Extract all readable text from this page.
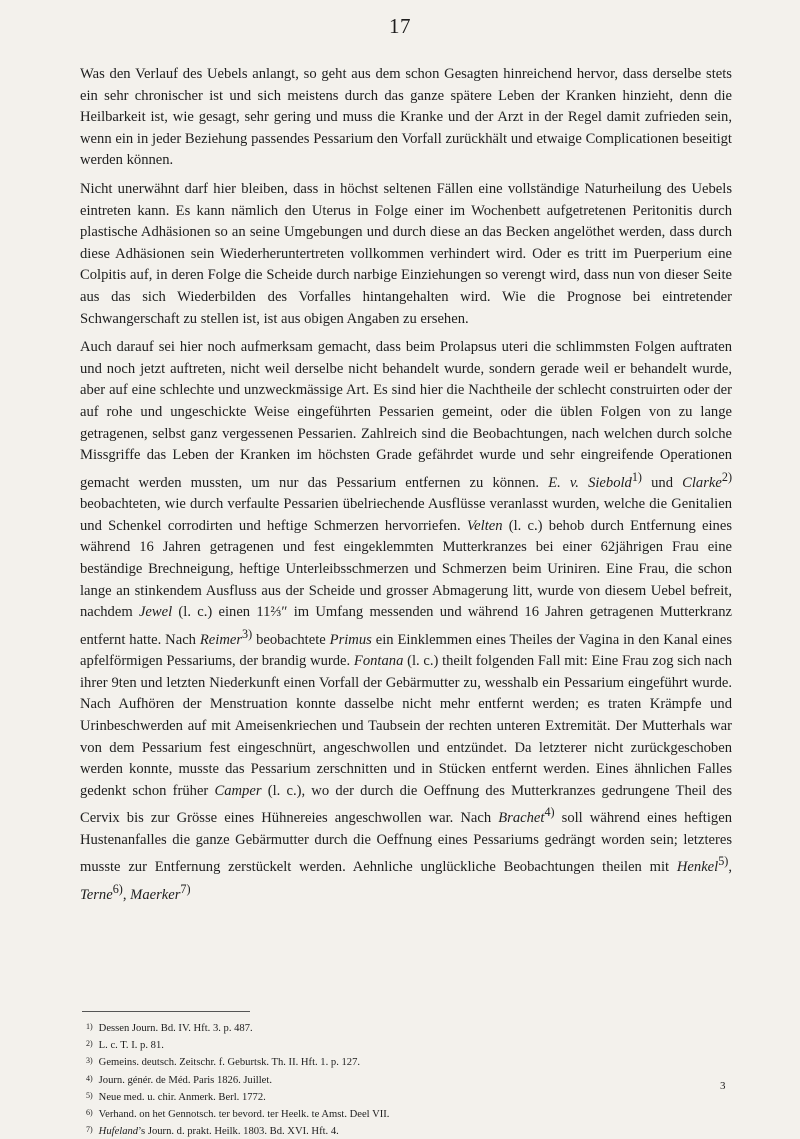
17

Was den Verlauf des Uebels anlangt, so geht aus dem schon Gesagten hinreichend hervor, dass derselbe stets ein sehr chronischer ist und sich meistens durch das ganze spätere Leben der Kranken hinzieht, denn die Heilbarkeit ist, wie gesagt, sehr gering und muss die Kranke und der Arzt in der Regel damit zufrieden sein, wenn ein in jeder Beziehung passendes Pessarium den Vorfall zurückhält und etwaige Complicationen beseitigt werden können.

Nicht unerwähnt darf hier bleiben, dass in höchst seltenen Fällen eine vollständige Naturheilung des Uebels eintreten kann. Es kann nämlich den Uterus in Folge einer im Wochenbett aufgetretenen Peritonitis durch plastische Adhäsionen so an seine Umgebungen und durch diese an das Becken angelöthet werden, dass durch diese Adhäsionen sein Wiederheruntertreten vollkommen verhindert wird. Oder es tritt im Puerperium eine Colpitis auf, in deren Folge die Scheide durch narbige Einziehungen so verengt wird, dass nun von dieser Seite aus das sich Wiederbilden des Vorfalles hintangehalten wird. Wie die Prognose bei eintretender Schwangerschaft zu stellen ist, ist aus obigen Angaben zu ersehen.

Auch darauf sei hier noch aufmerksam gemacht, dass beim Prolapsus uteri die schlimmsten Folgen auftraten und noch jetzt auftreten, nicht weil derselbe nicht behandelt wurde, sondern gerade weil er behandelt wurde, aber auf eine schlechte und unzweckmässige Art. Es sind hier die Nachtheile der schlecht construirten oder der auf rohe und ungeschickte Weise eingeführten Pessarien gemeint, oder die üblen Folgen von zu lange getragenen, selbst ganz vergessenen Pessarien. Zahlreich sind die Beobachtungen, nach welchen durch solche Missgriffe das Leben der Kranken im höchsten Grade gefährdet wurde und sehr eingreifende Operationen gemacht werden mussten, um nur das Pessarium entfernen zu können. E. v. Siebold$^{1)}$ und Clarke$^{2)}$ beobachteten, wie durch verfaulte Pessarien übelriechende Ausflüsse veranlasst wurden, welche die Genitalien und Schenkel corrodirten und heftige Schmerzen hervorriefen. Velten (l. c.) behob durch Entfernung eines während 16 Jahren getragenen und fest eingeklemmten Mutterkranzes bei einer 62jährigen Frau eine beständige Brechneigung, heftige Unterleibsschmerzen und Schmerzen beim Uriniren. Eine Frau, die schon lange an stinkendem Ausfluss aus der Scheide und grosser Abmagerung litt, wurde von diesem Uebel befreit, nachdem Jewel (l. c.) einen 11⅔″ im Umfang messenden und während 16 Jahren getragenen Mutterkranz entfernt hatte. Nach Reimer$^{3)}$ beobachtete Primus ein Einklemmen eines Theiles der Vagina in den Kanal eines apfelförmigen Pessariums, der brandig wurde. Fontana (l. c.) theilt folgenden Fall mit: Eine Frau zog sich nach ihrer 9ten und letzten Niederkunft einen Vorfall der Gebärmutter zu, wesshalb ein Pessarium eingeführt wurde. Nach Aufhören der Menstruation konnte dasselbe nicht mehr entfernt werden; es traten Krämpfe und Urinbeschwerden auf mit Ameisenkriechen und Taubsein der rechten unteren Extremität. Der Mutterhals war von dem Pessarium fest eingeschnürt, angeschwollen und entzündet. Da letzterer nicht zurückgeschoben werden konnte, musste das Pessarium zerschnitten und in Stücken entfernt werden. Eines ähnlichen Falles gedenkt schon früher Camper (l. c.), wo der durch die Oeffnung des Mutterkranzes gedrungene Theil des Cervix bis zur Grösse eines Hühnereies angeschwollen war. Nach Brachet$^{4)}$ soll während eines heftigen Hustenanfalles die ganze Gebärmutter durch die Oeffnung eines Pessariums gedrängt worden sein; letzteres musste zur Entfernung zerstückelt werden. Aehnliche unglückliche Beobachtungen theilen mit Henkel$^{5)}$, Terne$^{6)}$, Maerker$^{7)}$

$^{1)}$ Dessen Journ. Bd. IV. Hft. 3. p. 487.
$^{2)}$ L. c. T. I. p. 81.
$^{3)}$ Gemeins. deutsch. Zeitschr. f. Geburtsk. Th. II. Hft. 1. p. 127.
$^{4)}$ Journ. génér. de Méd. Paris 1826. Juillet.
$^{5)}$ Neue med. u. chir. Anmerk. Berl. 1772.
$^{6)}$ Verhand. on het Gennotsch. ter bevord. ter Heelk. te Amst. Deel VII.
$^{7)}$ Hufeland’s Journ. d. prakt. Heilk. 1803. Bd. XVI. Hft. 4.
3
